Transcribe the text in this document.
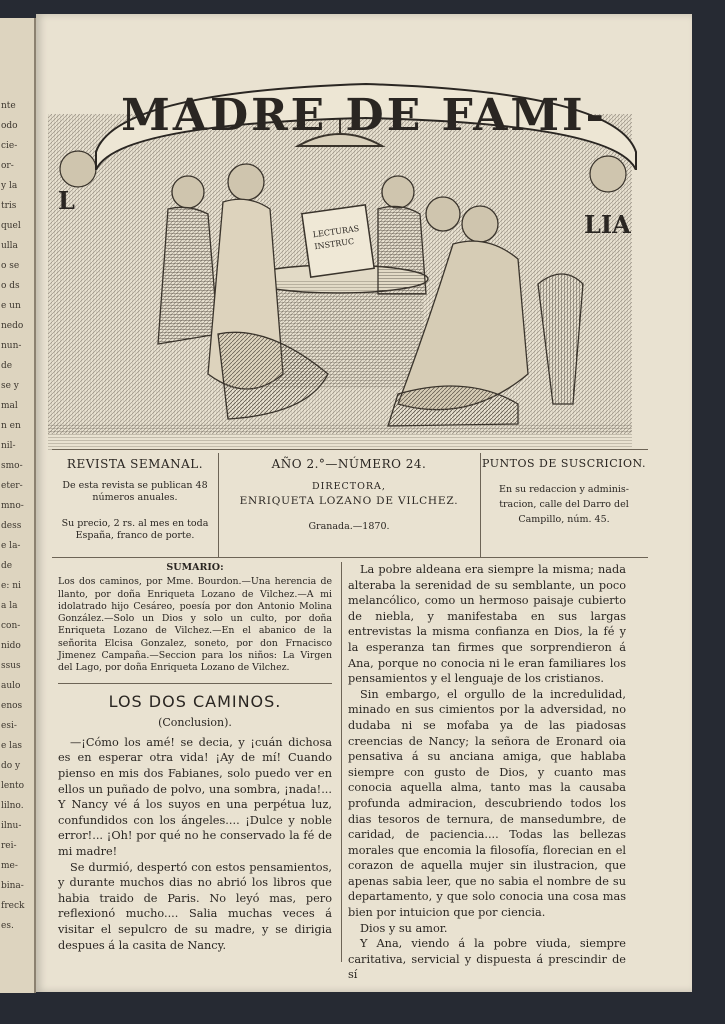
nte
odo
cie-
or-
y la
tris
quel
ulla
o se
o ds
e un
nedo
nun-
de
se y
mal
n en
nil-
smo-
eter-
mno-
dess
e la-
de
e: ni
a la
con-
nido
ssus
aulo
enos
esi-
e las
do y
lento
lilno.
ilnu-
rei-
me-
bina-
freck
es.
LECTURAS
INSTRUC
MADRE DE FAMI-
L
LIA
REVISTA SEMANAL.
De esta revista se publican 48
números anuales.
Su precio, 2 rs. al mes en toda
España, franco de porte.
AÑO 2.°—NÚMERO 24.
DIRECTORA,
ENRIQUETA LOZANO DE VILCHEZ.
Granada.—1870.
PUNTOS DE SUSCRICION.
En su redaccion y adminis-
tracion, calle del Darro del
Campillo, núm. 45.
SUMARIO:
Los dos caminos, por Mme. Bourdon.—Una herencia de llanto, por doña Enriqueta Lozano de Vilchez.—A mi idolatrado hijo Cesáreo, poesía por don Antonio Molina González.—Solo un Dios y solo un culto, por doña Enriqueta Lozano de Vilchez.—En el abanico de la señorita Elcisa Gonzalez, soneto, por don Frnacisco Jimenez Campaña.—Seccion para los niños: La Virgen del Lago, por doña Enriqueta Lozano de Vilchez.
LOS DOS CAMINOS.
(Conclusion).

—¡Cómo los amé! se decia, y ¡cuán dichosa es en esperar otra vida! ¡Ay de mí! Cuando pienso en mis dos Fabianes, solo puedo ver en ellos un puñado de polvo, una sombra, ¡nada!... Y Nancy vé á los suyos en una perpétua luz, confundidos con los ángeles.... ¡Dulce y noble error!... ¡Oh! por qué no he conservado la fé de mi madre!

Se durmió, despertó con estos pensamientos, y durante muchos dias no abrió los libros que habia traido de Paris. No leyó mas, pero reflexionó mucho.... Salia muchas veces á visitar el sepulcro de su madre, y se dirigia despues á la casita de Nancy.

La pobre aldeana era siempre la misma; nada alteraba la serenidad de su semblante, un poco melancólico, como un hermoso paisaje cubierto de niebla, y manifestaba en sus largas entrevistas la misma confianza en Dios, la fé y la esperanza tan firmes que sorprendieron á Ana, porque no conocia ni le eran familiares los pensamientos y el lenguaje de los cristianos.

Sin embargo, el orgullo de la incredulidad, minado en sus cimientos por la adversidad, no dudaba ni se mofaba ya de las piadosas creencias de Nancy; la señora de Eronard oia pensativa á su anciana amiga, que hablaba siempre con gusto de Dios, y cuanto mas conocia aquella alma, tanto mas la causaba profunda admiracion, descubriendo todos los dias tesoros de ternura, de mansedumbre, de caridad, de paciencia.... Todas las bellezas morales que encomia la filosofía, florecian en el corazon de aquella mujer sin ilustracion, que apenas sabia leer, que no sabia el nombre de su departamento, y que solo conocia una cosa mas bien por intuicion que por ciencia.

Dios y su amor.

Y Ana, viendo á la pobre viuda, siempre caritativa, servicial y dispuesta á prescindir de sí
